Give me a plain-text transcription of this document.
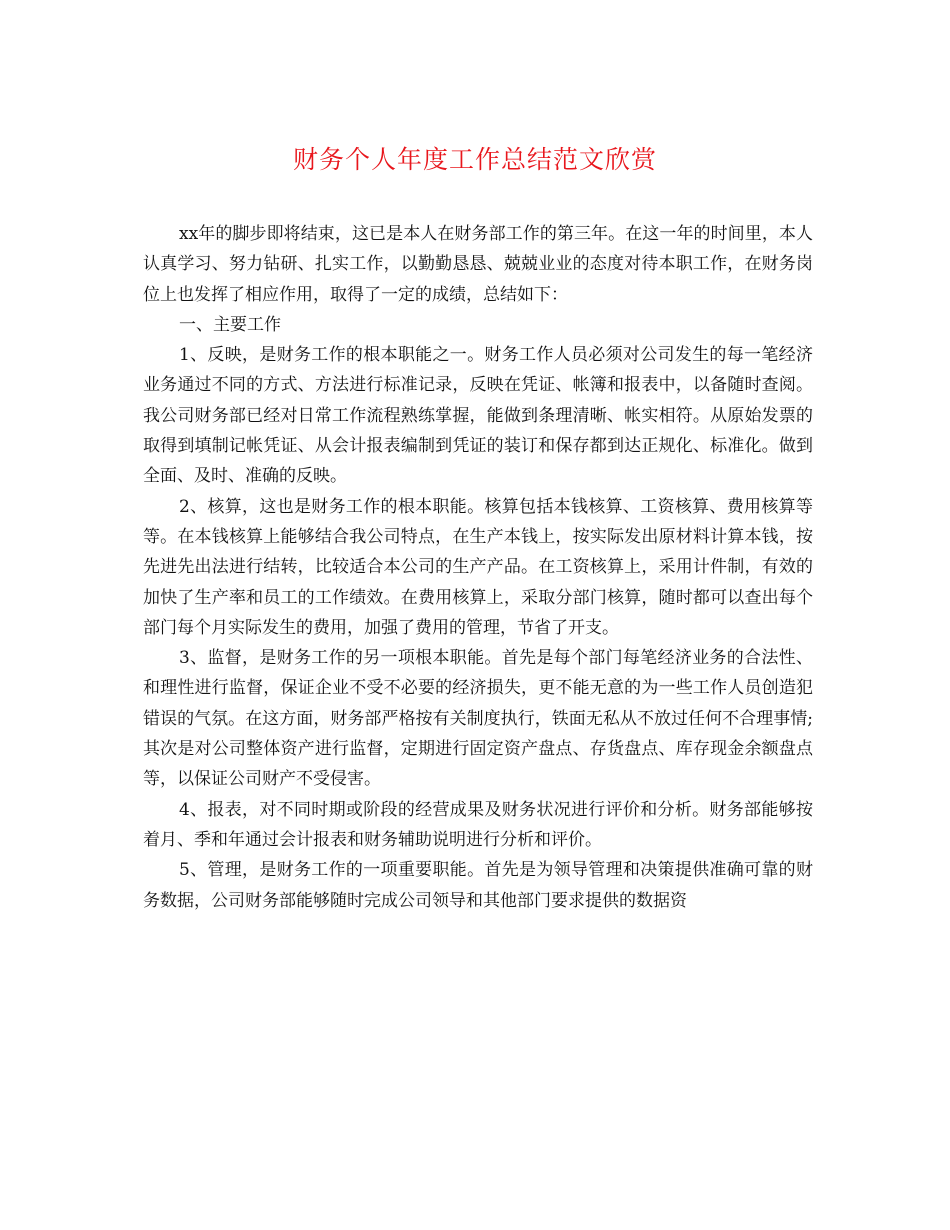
财务个人年度工作总结范文欣赏

xx年的脚步即将结束，这已是本人在财务部工作的第三年。在这一年的时间里，本人认真学习、努力钻研、扎实工作，以勤勤恳恳、兢兢业业的态度对待本职工作，在财务岗位上也发挥了相应作用，取得了一定的成绩，总结如下：

一、主要工作

1、反映，是财务工作的根本职能之一。财务工作人员必须对公司发生的每一笔经济业务通过不同的方式、方法进行标准记录，反映在凭证、帐簿和报表中，以备随时查阅。我公司财务部已经对日常工作流程熟练掌握，能做到条理清晰、帐实相符。从原始发票的取得到填制记帐凭证、从会计报表编制到凭证的装订和保存都到达正规化、标准化。做到全面、及时、准确的反映。

2、核算，这也是财务工作的根本职能。核算包括本钱核算、工资核算、费用核算等等。在本钱核算上能够结合我公司特点，在生产本钱上，按实际发出原材料计算本钱，按先进先出法进行结转，比较适合本公司的生产产品。在工资核算上，采用计件制，有效的加快了生产率和员工的工作绩效。在费用核算上，采取分部门核算，随时都可以查出每个部门每个月实际发生的费用，加强了费用的管理，节省了开支。

3、监督，是财务工作的另一项根本职能。首先是每个部门每笔经济业务的合法性、和理性进行监督，保证企业不受不必要的经济损失，更不能无意的为一些工作人员创造犯错误的气氛。在这方面，财务部严格按有关制度执行，铁面无私从不放过任何不合理事情;其次是对公司整体资产进行监督，定期进行固定资产盘点、存货盘点、库存现金余额盘点等，以保证公司财产不受侵害。

4、报表，对不同时期或阶段的经营成果及财务状况进行评价和分析。财务部能够按着月、季和年通过会计报表和财务辅助说明进行分析和评价。

5、管理，是财务工作的一项重要职能。首先是为领导管理和决策提供准确可靠的财务数据，公司财务部能够随时完成公司领导和其他部门要求提供的数据资
